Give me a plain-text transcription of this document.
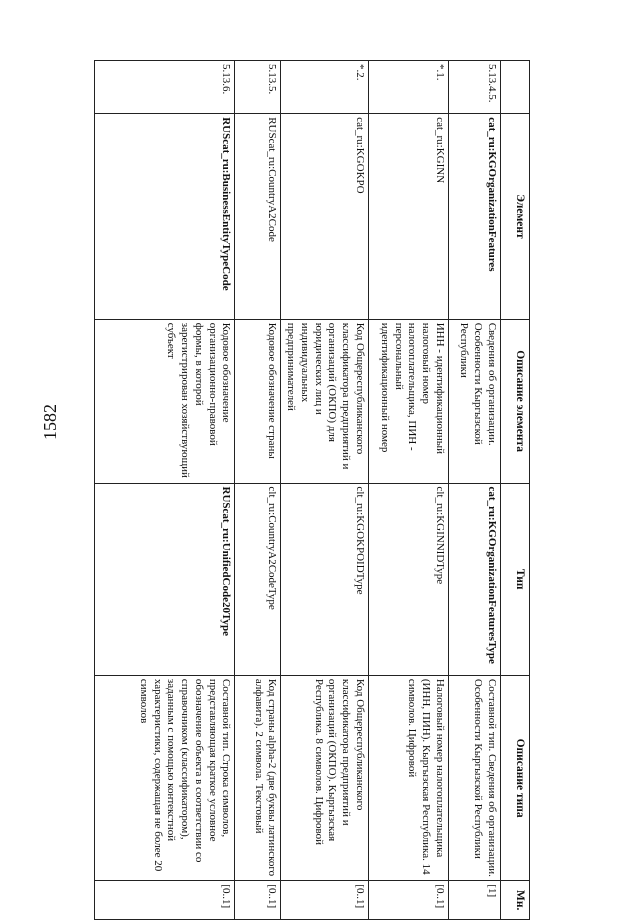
1582
	Элемент	Описание элемента	Тип	Описание типа	Мн.
5.13.4.5.	cat_ru:KGOrganizationFeatures	Сведения об организации. Особенности Кыргызской Республики	cat_ru:KGOrganizationFeaturesType	Составной тип. Сведения об организации. Особенности Кыргызской Республики	[1]
*.1.	cat_ru:KGINN	ИНН - идентификационный налоговый номер налогоплательщика, ПИН - персональный идентификационный номер	clt_ru:KGINNIDType	Налоговый номер налогоплательщика (ИНН, ПИН). Кыргызская Республика. 14 символов. Цифровой	[0..1]
*.2.	cat_ru:KGOKPO	Код Общереспубликанского классификатора предприятий и организаций (ОКПО) для юридических лиц и индивидуальных предпринимателей	clt_ru:KGOKPOIDType	Код Общереспубликанского классификатора предприятий и организаций (ОКПО). Кыргызская Республика. 8 символов. Цифровой	[0..1]
5.13.5.	RUScat_ru:CountryA2Code	Кодовое обозначение страны	clt_ru:CountryA2CodeType	Код страны alpha-2 (две буквы латинского алфавита). 2 символа. Текстовый	[0..1]
5.13.6.	RUScat_ru:BusinessEntityTypeCode	Кодовое обозначение организационно-правовой формы, в которой зарегистрирован хозяйствующий субъект	RUScat_ru:UnifiedCode20Type	Составной тип. Строка символов, представляющая краткое условное обозначение объекта в соответствии со справочником (классификатором), заданным с помощью контекстной характеристики, содержащая не более 20 символов	[0..1]
